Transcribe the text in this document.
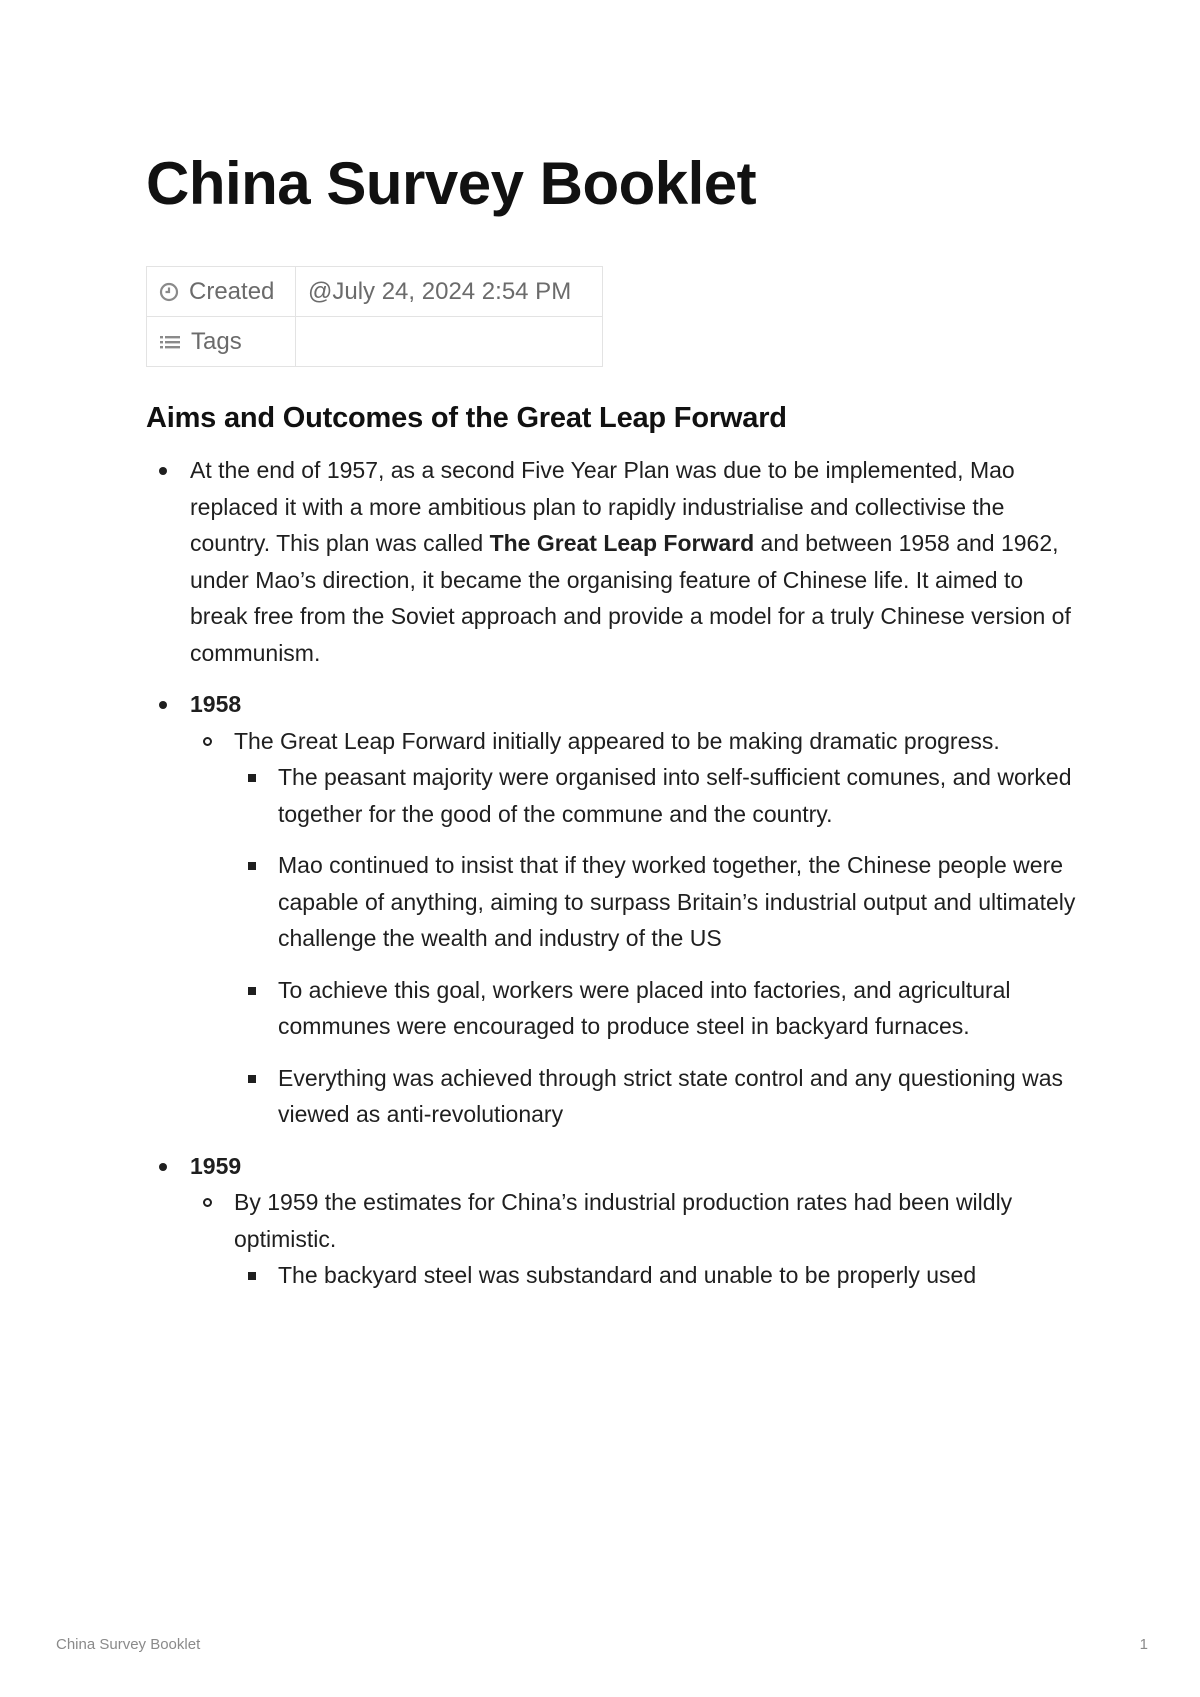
China Survey Booklet
Created	@July 24, 2024 2:54 PM

Tags	

Aims and Outcomes of the Great Leap Forward
At the end of 1957, as a second Five Year Plan was due to be implemented, Mao replaced it with a more ambitious plan to rapidly industrialise and collectivise the country. This plan was called The Great Leap Forward and between 1958 and 1962, under Mao’s direction, it became the organising feature of Chinese life. It aimed to break free from the Soviet approach and provide a model for a truly Chinese version of communism.
1958
The Great Leap Forward initially appeared to be making dramatic progress.
The peasant majority were organised into self-sufficient comunes, and worked together for the good of the commune and the country.
Mao continued to insist that if they worked together, the Chinese people were capable of anything, aiming to surpass Britain’s industrial output and ultimately challenge the wealth and industry of the US
To achieve this goal, workers were placed into factories, and agricultural communes were encouraged to produce steel in backyard furnaces.
Everything was achieved through strict state control and any questioning was viewed as anti-revolutionary
1959
By 1959 the estimates for China’s industrial production rates had been wildly optimistic.
The backyard steel was substandard and unable to be properly used
China Survey Booklet	1
